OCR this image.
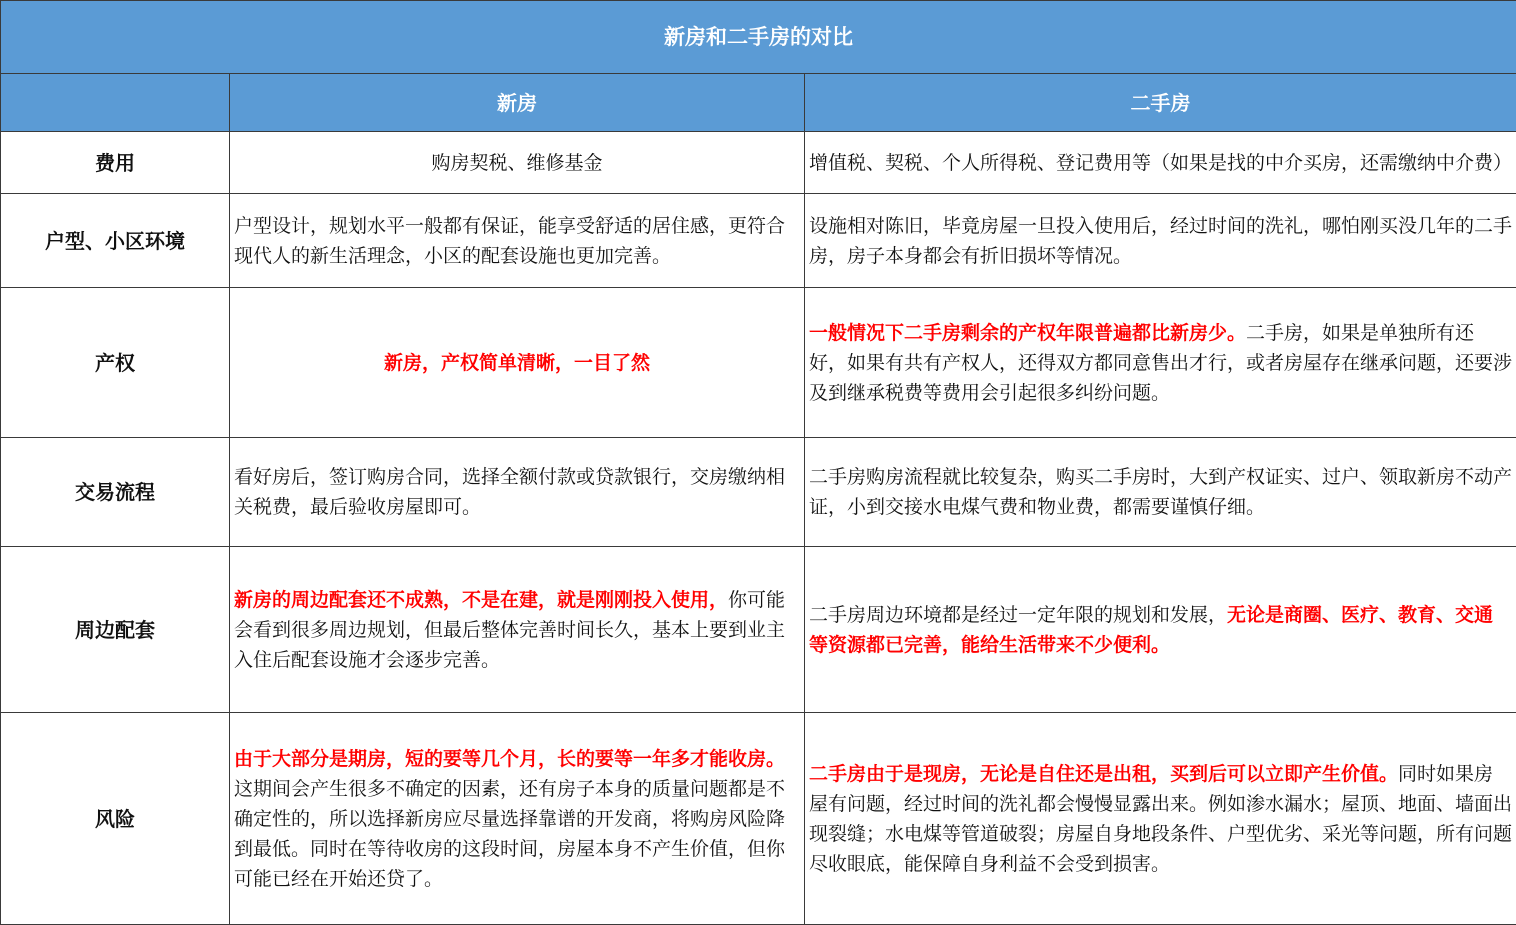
新房和二手房的对比		
	新房	二手房
费用	购房契税、维修基金	增值税、契税、个人所得税、登记费用等（如果是找的中介买房，还需缴纳中介费）
户型、小区环境	户型设计，规划水平一般都有保证，能享受舒适的居住感，更符合现代人的新生活理念，小区的配套设施也更加完善。	设施相对陈旧，毕竟房屋一旦投入使用后，经过时间的洗礼，哪怕刚买没几年的二手房，房子本身都会有折旧损坏等情况。
产权	新房，产权简单清晰，一目了然	一般情况下二手房剩余的产权年限普遍都比新房少。二手房，如果是单独所有还好，如果有共有产权人，还得双方都同意售出才行，或者房屋存在继承问题，还要涉及到继承税费等费用会引起很多纠纷问题。
交易流程	看好房后，签订购房合同，选择全额付款或贷款银行，交房缴纳相关税费，最后验收房屋即可。	二手房购房流程就比较复杂，购买二手房时，大到产权证实、过户、领取新房不动产证，小到交接水电煤气费和物业费，都需要谨慎仔细。
周边配套	新房的周边配套还不成熟，不是在建，就是刚刚投入使用，你可能会看到很多周边规划，但最后整体完善时间长久，基本上要到业主入住后配套设施才会逐步完善。	二手房周边环境都是经过一定年限的规划和发展，无论是商圈、医疗、教育、交通等资源都已完善，能给生活带来不少便利。
风险	由于大部分是期房，短的要等几个月，长的要等一年多才能收房。这期间会产生很多不确定的因素，还有房子本身的质量问题都是不确定性的，所以选择新房应尽量选择靠谱的开发商，将购房风险降到最低。同时在等待收房的这段时间，房屋本身不产生价值，但你可能已经在开始还贷了。	二手房由于是现房，无论是自住还是出租，买到后可以立即产生价值。同时如果房屋有问题，经过时间的洗礼都会慢慢显露出来。例如渗水漏水；屋顶、地面、墙面出现裂缝；水电煤等管道破裂；房屋自身地段条件、户型优劣、采光等问题，所有问题尽收眼底，能保障自身利益不会受到损害。
